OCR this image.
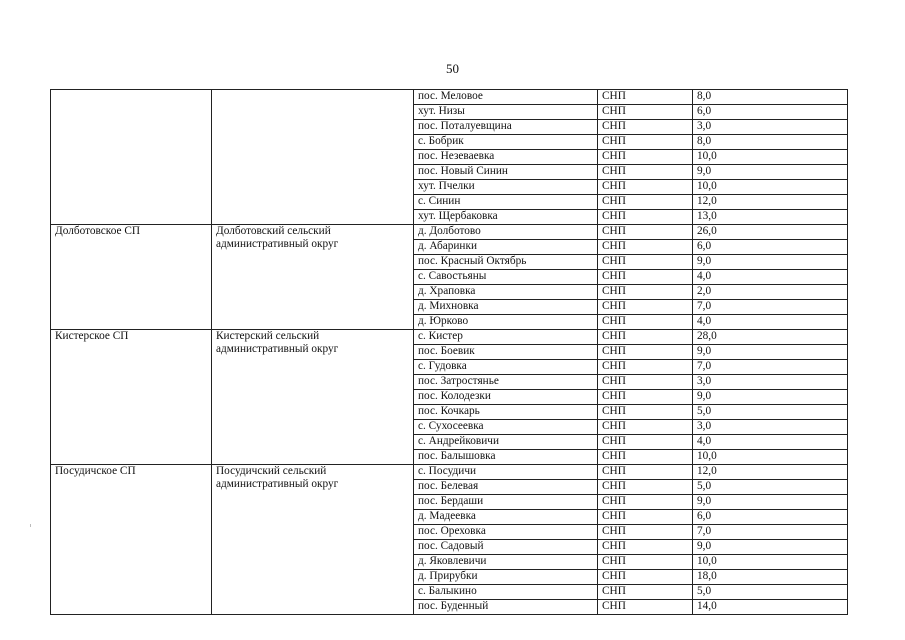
50
		пос. Меловое	СНП	8,0
		хут. Низы	СНП	6,0
		пос. Поталуевщина	СНП	3,0
		с. Бобрик	СНП	8,0
		пос. Незеваевка	СНП	10,0
		пос. Новый Синин	СНП	9,0
		хут. Пчелки	СНП	10,0
		с. Синин	СНП	12,0
		хут. Щербаковка	СНП	13,0
Долботовское СП	Долботовский сельский административный округ	д. Долботово	СНП	26,0
		д. Абаринки	СНП	6,0
		пос. Красный Октябрь	СНП	9,0
		с. Савостьяны	СНП	4,0
		д. Храповка	СНП	2,0
		д. Михновка	СНП	7,0
		д. Юрково	СНП	4,0
Кистерское СП	Кистерский сельский административный округ	с. Кистер	СНП	28,0
		пос. Боевик	СНП	9,0
		с. Гудовка	СНП	7,0
		пос. Затростянье	СНП	3,0
		пос. Колодезки	СНП	9,0
		пос. Кочкарь	СНП	5,0
		с. Сухосеевка	СНП	3,0
		с. Андрейковичи	СНП	4,0
		пос. Балышовка	СНП	10,0
Посудичское СП	Посудичский сельский административный округ	с. Посудичи	СНП	12,0
		пос. Белевая	СНП	5,0
		пос. Бердаши	СНП	9,0
		д. Мадеевка	СНП	6,0
		пос. Ореховка	СНП	7,0
		пос. Садовый	СНП	9,0
		д. Яковлевичи	СНП	10,0
		д. Прирубки	СНП	18,0
		с. Балыкино	СНП	5,0
		пос. Буденный	СНП	14,0
